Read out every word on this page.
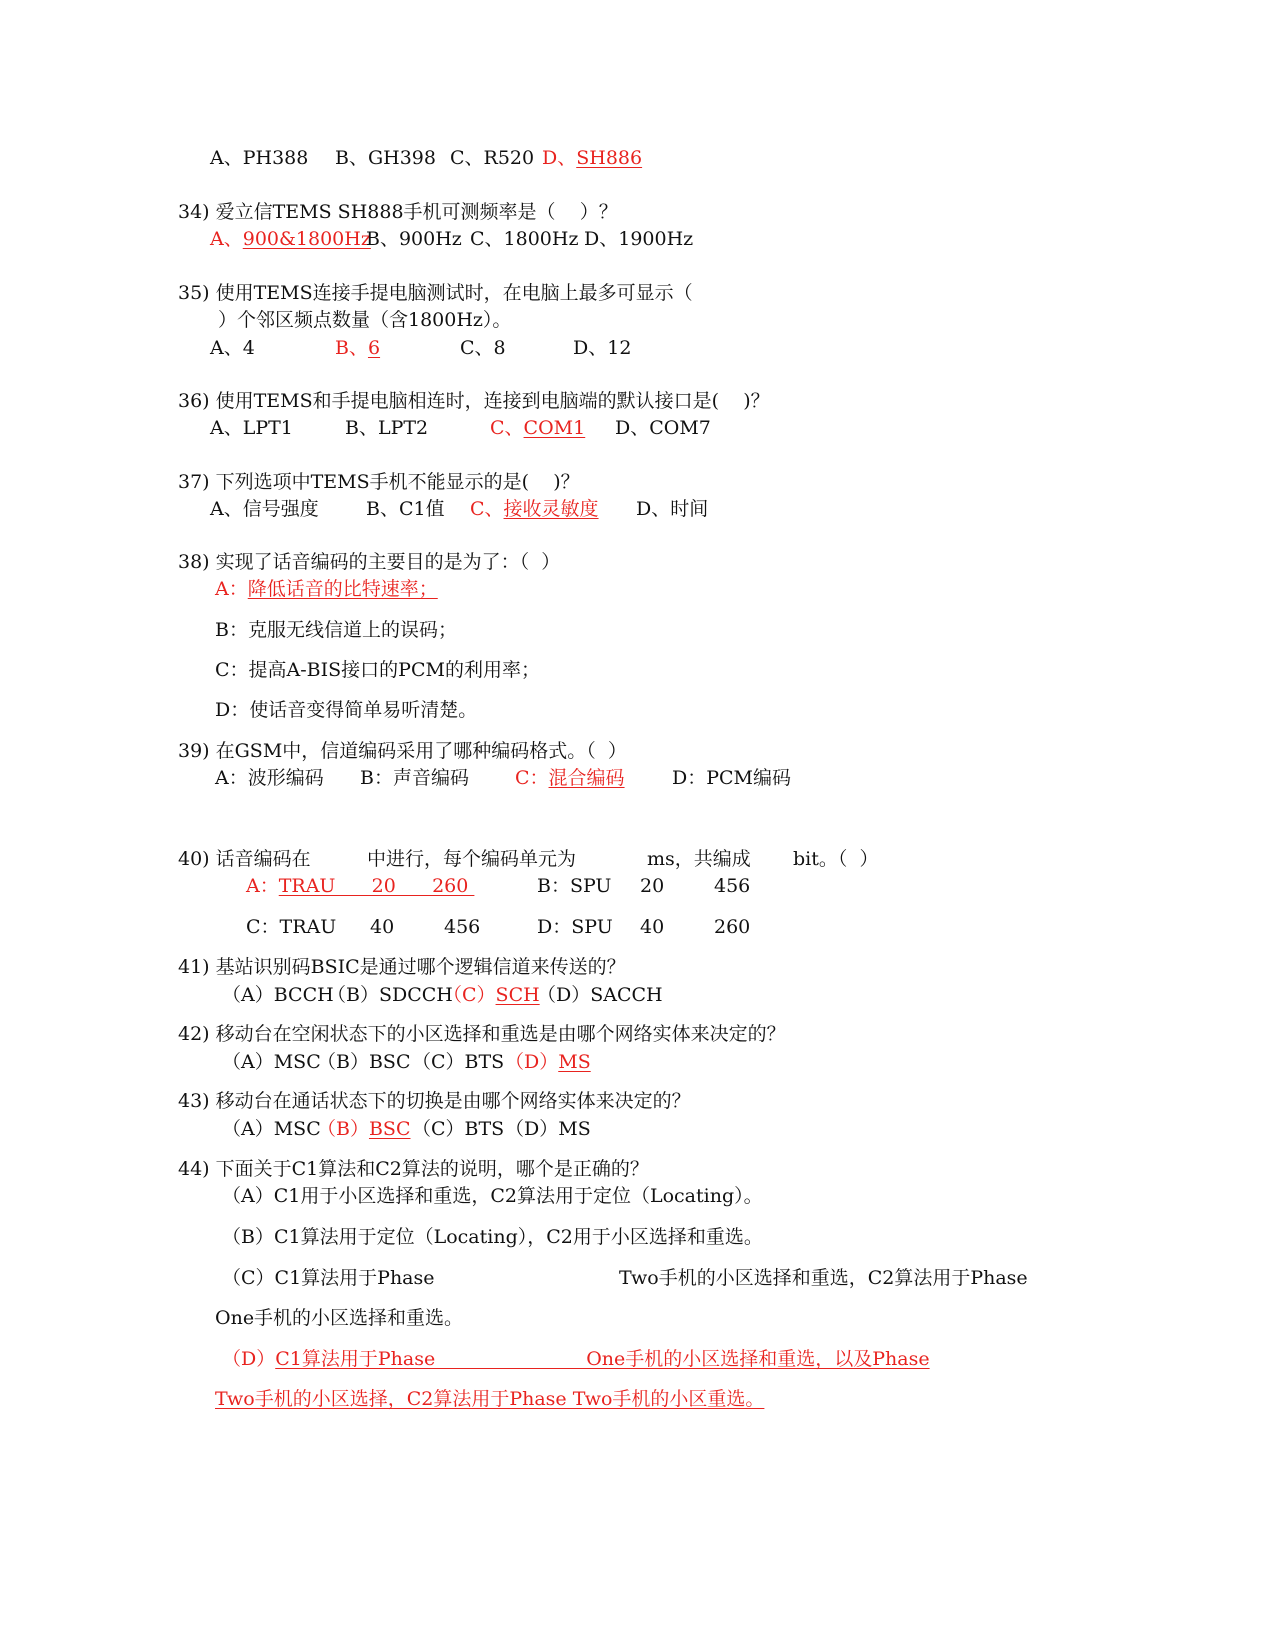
A、PH388 B、GH398 C、R520 D、SH886
34) 爱立信TEMS SH888手机可测频率是（    ）？
A、900&1800Hz
B、900Hz C、1800Hz D、1900Hz
35) 使用TEMS连接手提电脑测试时，在电脑上最多可显示（
）个邻区频点数量（含1800Hz）。
A、4	B、6	C、8	D、12
36) 使用TEMS和手提电脑相连时，连接到电脑端的默认接口是(    )？
A、LPT1	B、LPT2	C、COM1 D、COM7
37) 下列选项中TEMS手机不能显示的是(    )？
A、信号强度 B、C1值 C、接收灵敏度 D、时间
38) 实现了话音编码的主要目的是为了：（  ）
A：降低话音的比特速率；
B：克服无线信道上的误码；
C：提高A-BIS接口的PCM的利用率；
D：使话音变得简单易听清楚。
39) 在GSM中，信道编码采用了哪种编码格式。（  ）
A：波形编码 B：声音编码 C：混合编码 D：PCM编码
40) 话音编码在	中进行，每个编码单元为	ms，共编成 bit。（  ）
A：TRAU      20      260	B：SPU 20	456
C：TRAU 40	456	D：SPU 40	260
41) 基站识别码BSIC是通过哪个逻辑信道来传送的？
（A）BCCH
（B）SDCCH
（C）SCH
（D）SACCH
42) 移动台在空闲状态下的小区选择和重选是由哪个网络实体来决定的？
（A）MSC
（B）BSC （C）BTS （D）MS
43) 移动台在通话状态下的切换是由哪个网络实体来决定的？
（A）MSC
（B）BSC （C）BTS （D）MS
44) 下面关于C1算法和C2算法的说明，哪个是正确的？
（A）C1用于小区选择和重选，C2算法用于定位（Locating）。
（B）C1算法用于定位（Locating），C2用于小区选择和重选。
（C）C1算法用于Phase	Two手机的小区选择和重选，C2算法用于Phase
One手机的小区选择和重选。
（D）C1算法用于Phase                         One手机的小区选择和重选，以及Phase
Two手机的小区选择，C2算法用于Phase Two手机的小区重选。
